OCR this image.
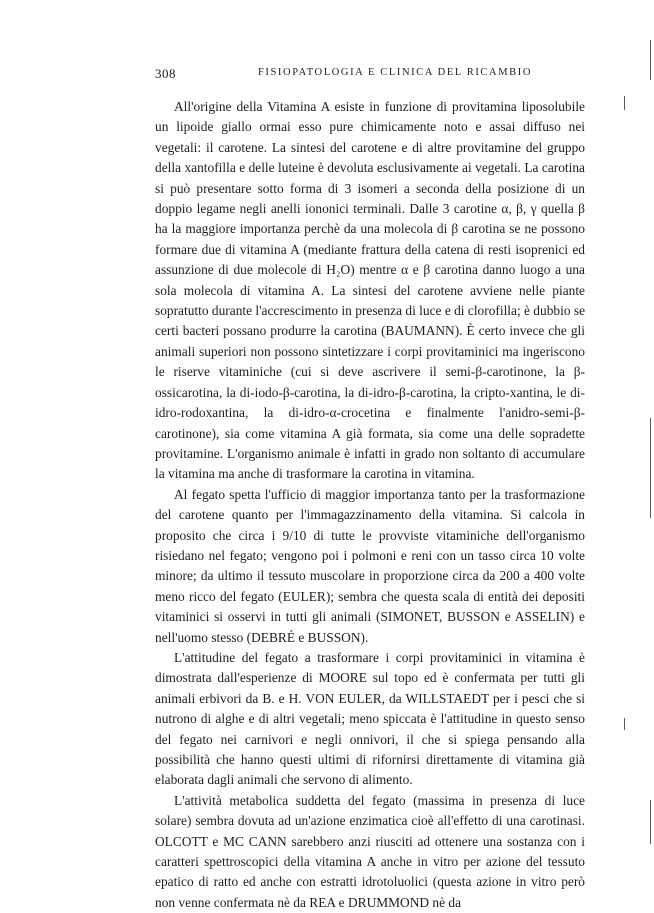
308	FISIOPATOLOGIA E CLINICA DEL RICAMBIO

All'origine della Vitamina A esiste in funzione di provitamina liposolubile un lipoide giallo ormai esso pure chimicamente noto e assai diffuso nei vegetali: il carotene. La sintesi del carotene e di altre provitamine del gruppo della xantofilla e delle luteine è devoluta esclusivamente ai vegetali. La carotina si può presentare sotto forma di 3 isomeri a seconda della posizione di un doppio legame negli anelli iononici terminali. Dalle 3 carotine α, β, γ quella β ha la maggiore importanza perchè da una molecola di β carotina se ne possono formare due di vitamina A (mediante frattura della catena di resti isoprenici ed assunzione di due molecole di H₂O) mentre α e β carotina danno luogo a una sola molecola di vitamina A. La sintesi del carotene avviene nelle piante sopratutto durante l'accrescimento in presenza di luce e di clorofilla; è dubbio se certi bacteri possano produrre la carotina (BAUMANN). È certo invece che gli animali superiori non possono sintetizzare i corpi provitaminici ma ingeriscono le riserve vitaminiche (cui si deve ascrivere il semi-β-carotinone, la β-ossicarotina, la di-iodo-β-carotina, la di-idro-β-carotina, la cripto-xantina, le di-idro-rodoxantina, la di-idro-α-crocetina e finalmente l'anidro-semi-β-carotinone), sia come vitamina A già formata, sia come una delle sopradette provitamine. L'organismo animale è infatti in grado non soltanto di accumulare la vitamina ma anche di trasformare la carotina in vitamina.

Al fegato spetta l'ufficio di maggior importanza tanto per la trasformazione del carotene quanto per l'immagazzinamento della vitamina. Si calcola in proposito che circa i 9/10 di tutte le provviste vitaminiche dell'organismo risiedano nel fegato; vengono poi i polmoni e reni con un tasso circa 10 volte minore; da ultimo il tessuto muscolare in proporzione circa da 200 a 400 volte meno ricco del fegato (EULER); sembra che questa scala di entità dei depositi vitaminici si osservi in tutti gli animali (SIMONET, BUSSON e ASSELIN) e nell'uomo stesso (DEBRÉ e BUSSON).

L'attitudine del fegato a trasformare i corpi provitaminici in vitamina è dimostrata dall'esperienze di MOORE sul topo ed è confermata per tutti gli animali erbivori da B. e H. VON EULER, da WILLSTAEDT per i pesci che si nutrono di alghe e di altri vegetali; meno spiccata è l'attitudine in questo senso del fegato nei carnivori e negli onnivori, il che si spiega pensando alla possibilità che hanno questi ultimi di rifornirsi direttamente di vitamina già elaborata dagli animali che servono di alimento.

L'attività metabolica suddetta del fegato (massima in presenza di luce solare) sembra dovuta ad un'azione enzimatica cioè all'effetto di una carotinasi. OLCOTT e MC CANN sarebbero anzi riusciti ad ottenere una sostanza con i caratteri spettroscopici della vitamina A anche in vitro per azione del tessuto epatico di ratto ed anche con estratti idrotoluolici (questa azione in vitro però non venne confermata nè da REA e DRUMMOND nè da
